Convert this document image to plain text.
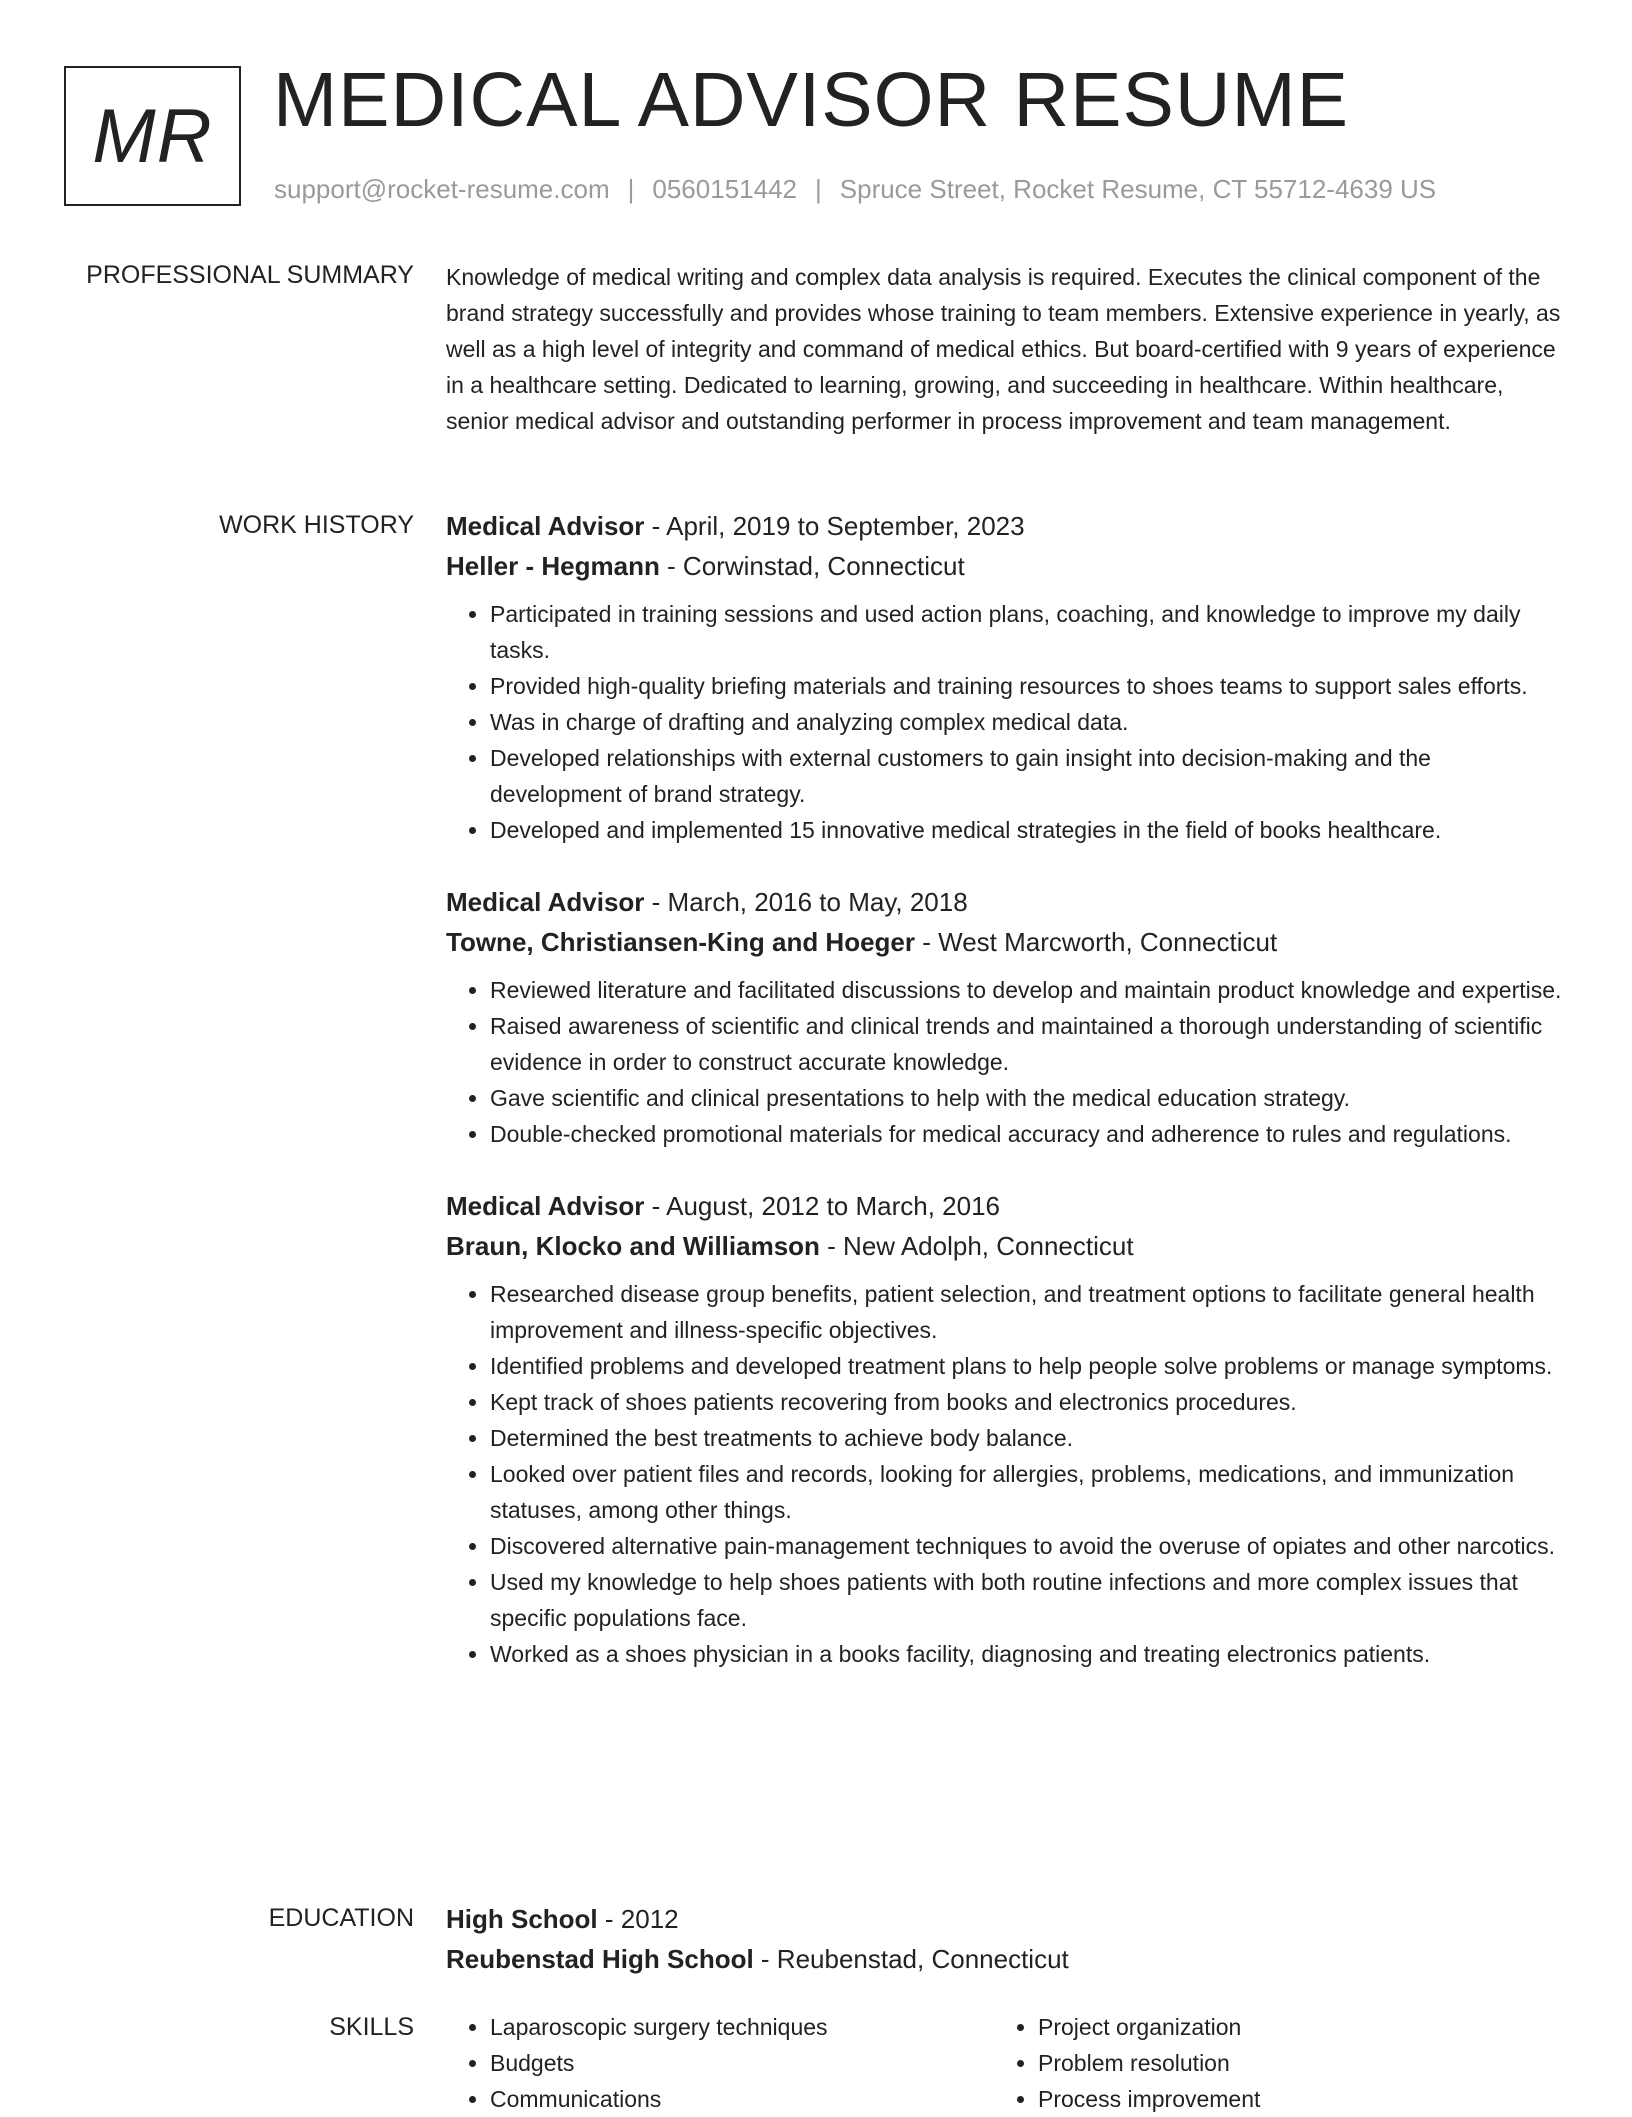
MR MEDICAL ADVISOR RESUME
support@rocket-resume.com | 0560151442 | Spruce Street, Rocket Resume, CT 55712-4639 US
PROFESSIONAL SUMMARY Knowledge of medical writing and complex data analysis is required. Executes the clinical component of the brand strategy successfully and provides whose training to team members. Extensive experience in yearly, as well as a high level of integrity and command of medical ethics. But board-certified with 9 years of experience in a healthcare setting. Dedicated to learning, growing, and succeeding in healthcare. Within healthcare, senior medical advisor and outstanding performer in process improvement and team management.

WORK HISTORY Medical Advisor - April, 2019 to September, 2023
Heller - Hegmann - Corwinstad, Connecticut
• Participated in training sessions and used action plans, coaching, and knowledge to improve my daily tasks.
• Provided high-quality briefing materials and training resources to shoes teams to support sales efforts.
• Was in charge of drafting and analyzing complex medical data.
• Developed relationships with external customers to gain insight into decision-making and the development of brand strategy.
• Developed and implemented 15 innovative medical strategies in the field of books healthcare.
Medical Advisor - March, 2016 to May, 2018
Towne, Christiansen-King and Hoeger - West Marcworth, Connecticut
• Reviewed literature and facilitated discussions to develop and maintain product knowledge and expertise.
• Raised awareness of scientific and clinical trends and maintained a thorough understanding of scientific evidence in order to construct accurate knowledge.
• Gave scientific and clinical presentations to help with the medical education strategy.
• Double-checked promotional materials for medical accuracy and adherence to rules and regulations.
Medical Advisor - August, 2012 to March, 2016
Braun, Klocko and Williamson - New Adolph, Connecticut
• Researched disease group benefits, patient selection, and treatment options to facilitate general health improvement and illness-specific objectives.
• Identified problems and developed treatment plans to help people solve problems or manage symptoms.
• Kept track of shoes patients recovering from books and electronics procedures.
• Determined the best treatments to achieve body balance.
• Looked over patient files and records, looking for allergies, problems, medications, and immunization statuses, among other things.
• Discovered alternative pain-management techniques to avoid the overuse of opiates and other narcotics.
• Used my knowledge to help shoes patients with both routine infections and more complex issues that specific populations face.
• Worked as a shoes physician in a books facility, diagnosing and treating electronics patients.
EDUCATION High School - 2012
Reubenstad High School - Reubenstad, Connecticut
SKILLS
•	Laparoscopic surgery techniques
• Budgets
• Communications
• Project organization
• Problem resolution
• Process improvement
